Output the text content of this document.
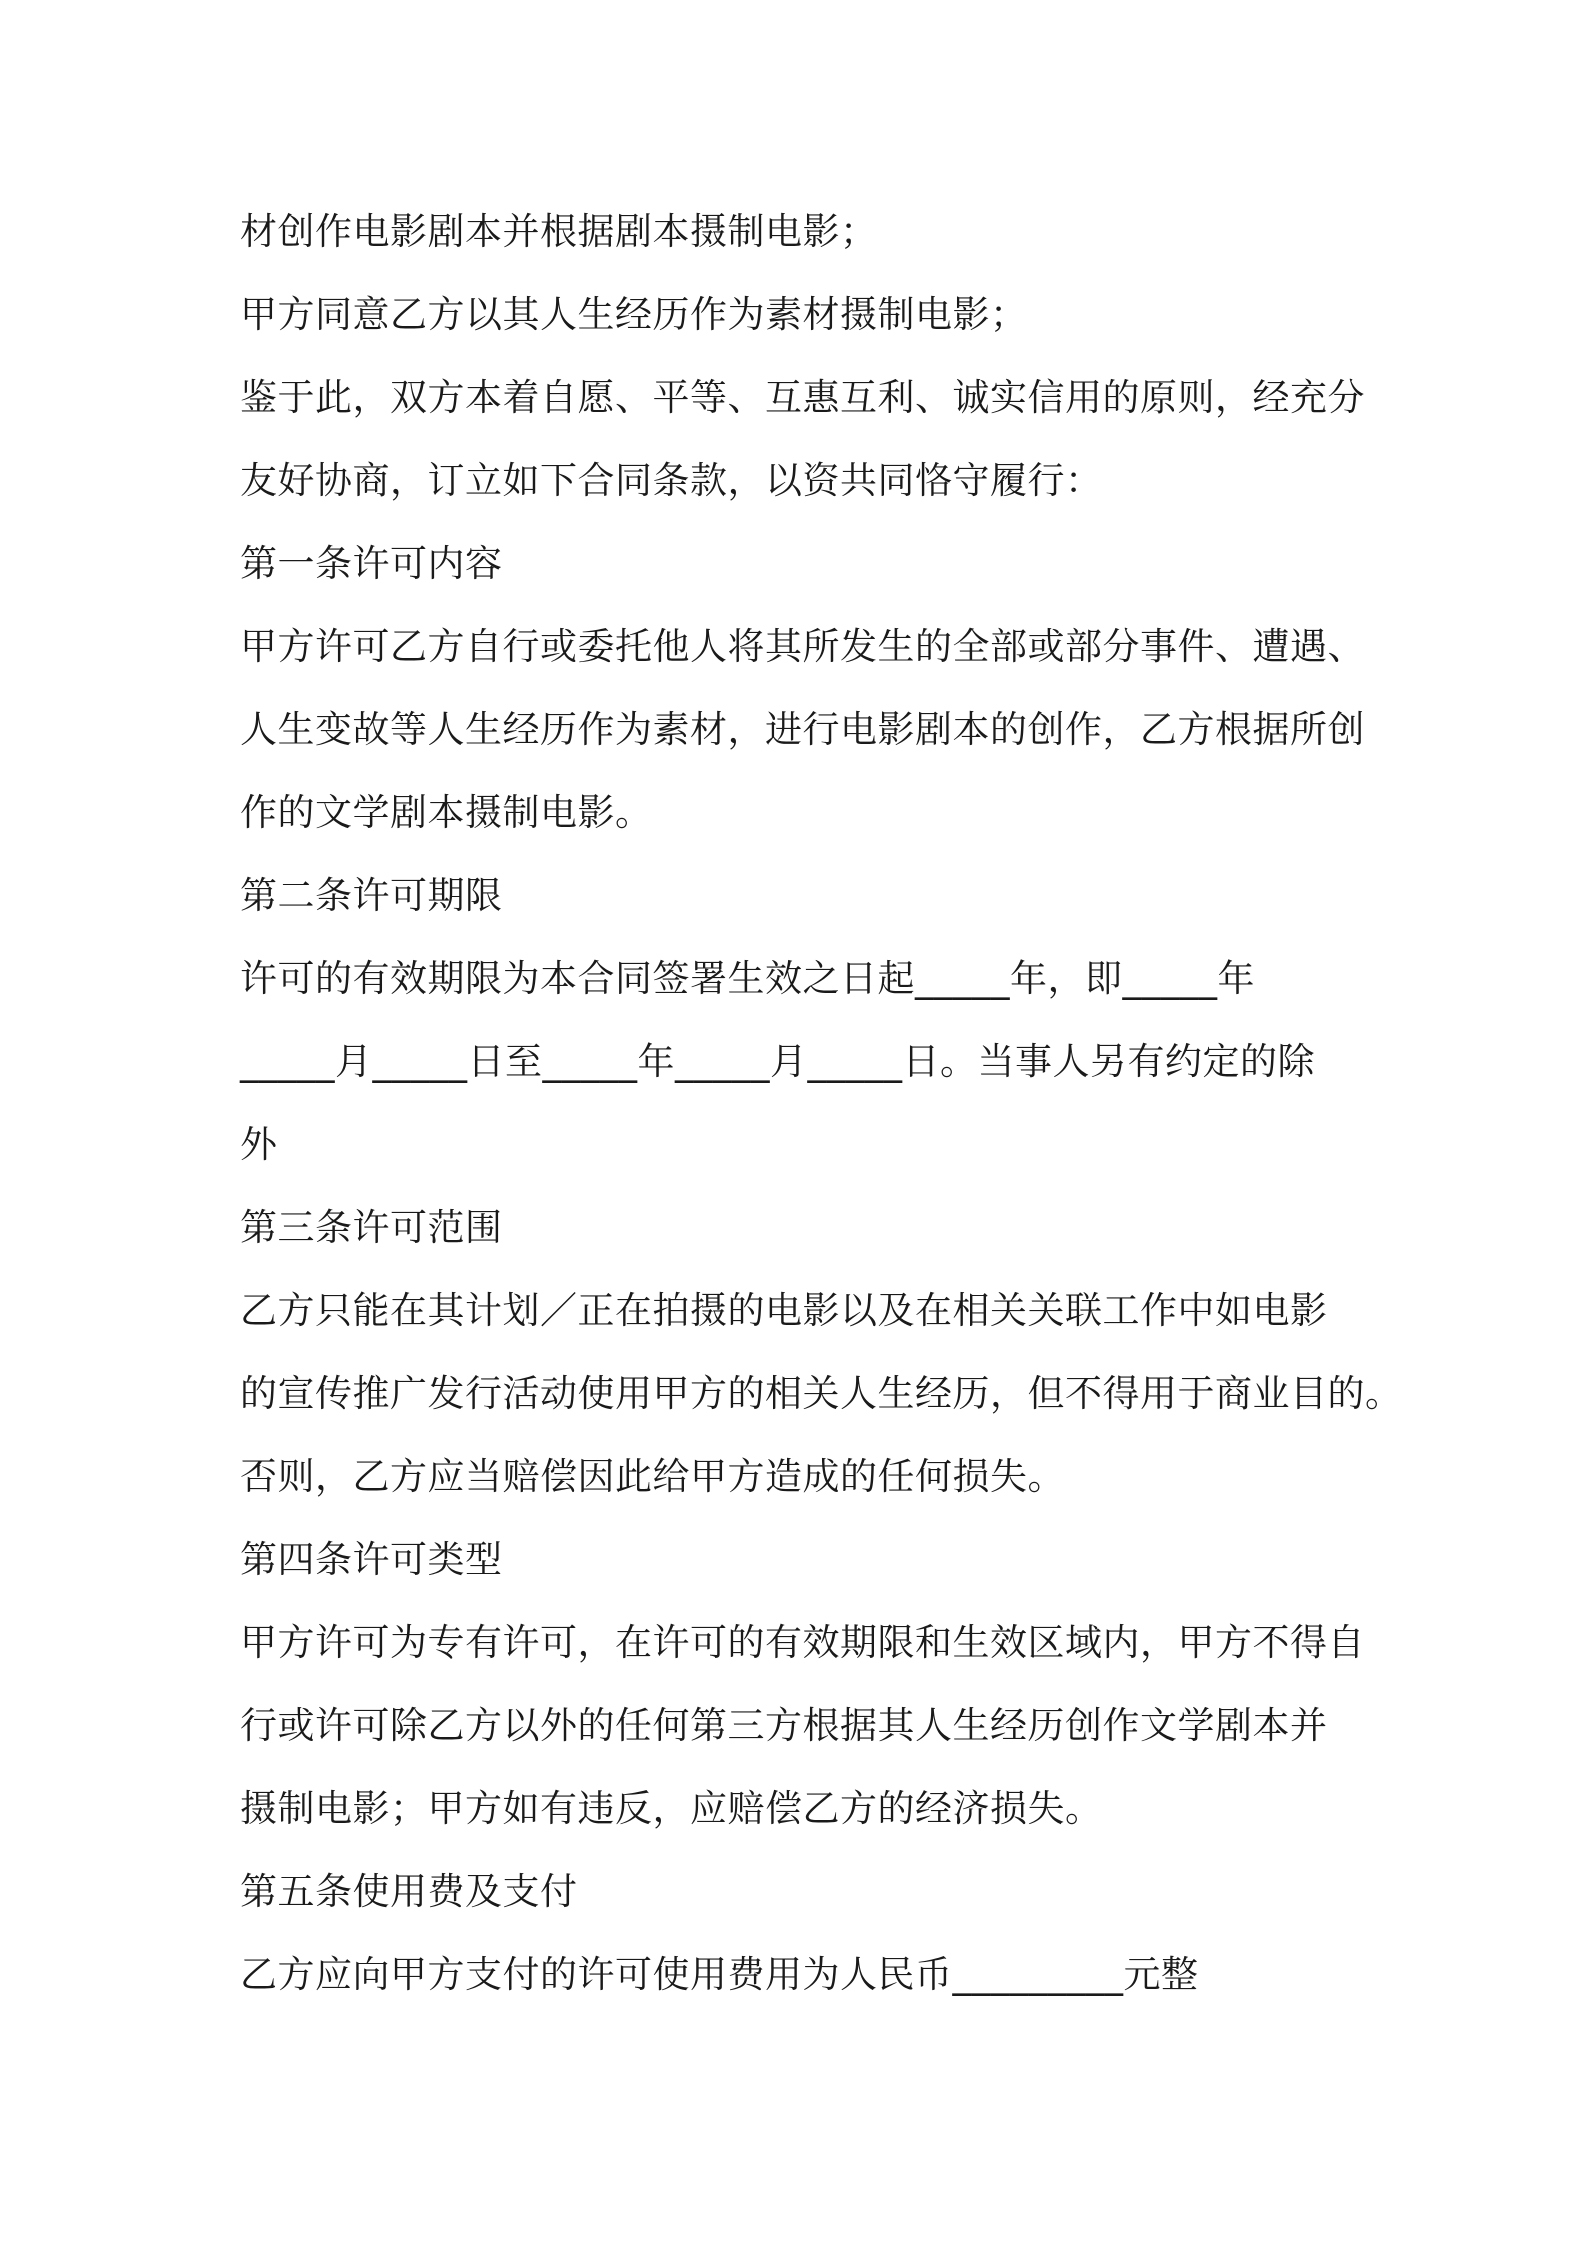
材创作电影剧本并根据剧本摄制电影；
甲方同意乙方以其人生经历作为素材摄制电影；
鉴于此，双方本着自愿、平等、互惠互利、诚实信用的原则，经充分
友好协商，订立如下合同条款，以资共同恪守履行：
第一条许可内容
甲方许可乙方自行或委托他人将其所发生的全部或部分事件、遭遇、
人生变故等人生经历作为素材，进行电影剧本的创作，乙方根据所创
作的文学剧本摄制电影。
第二条许可期限
许可的有效期限为本合同签署生效之日起_____年，即_____年
_____月_____日至_____年_____月_____日。当事人另有约定的除
外
第三条许可范围
乙方只能在其计划／正在拍摄的电影以及在相关关联工作中如电影
的宣传推广发行活动使用甲方的相关人生经历，但不得用于商业目的。
否则，乙方应当赔偿因此给甲方造成的任何损失。
第四条许可类型
甲方许可为专有许可，在许可的有效期限和生效区域内，甲方不得自
行或许可除乙方以外的任何第三方根据其人生经历创作文学剧本并
摄制电影；甲方如有违反，应赔偿乙方的经济损失。
第五条使用费及支付
乙方应向甲方支付的许可使用费用为人民币_________元整
